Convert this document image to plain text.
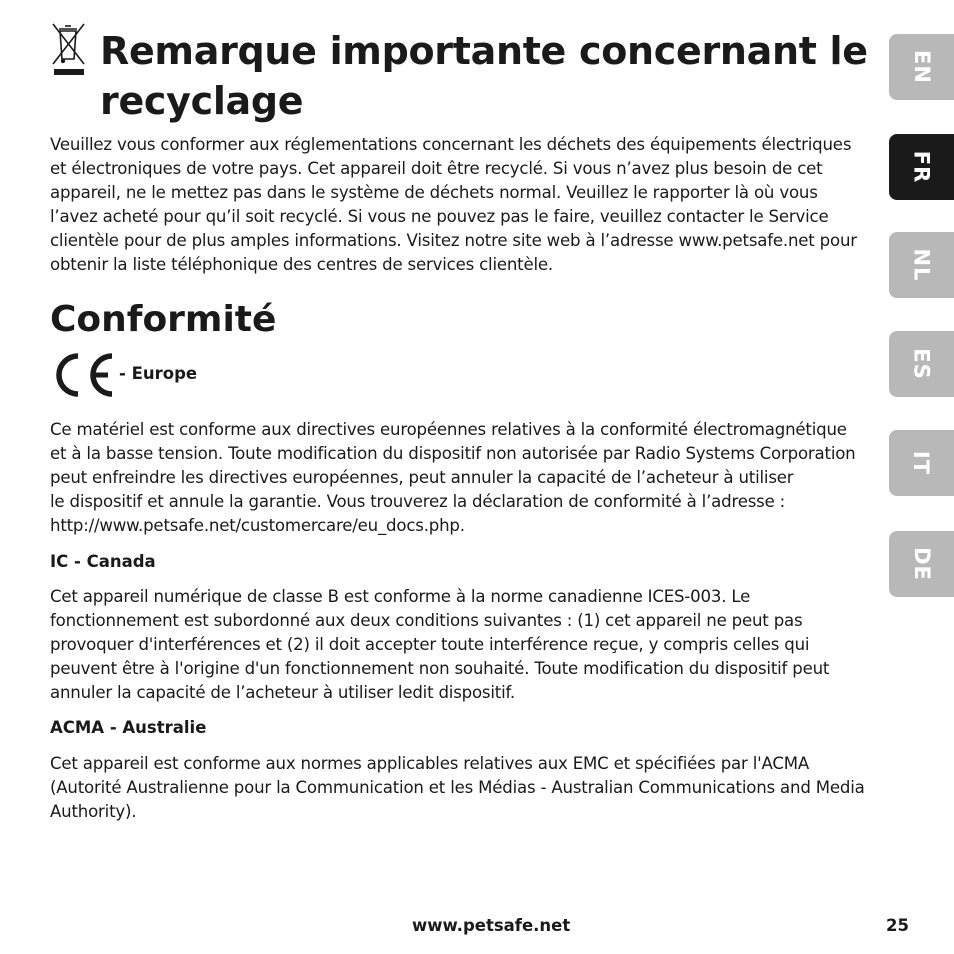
Remarque importante concernant le recyclage

Veuillez vous conformer aux réglementations concernant les déchets des équipements électriques et électroniques de votre pays. Cet appareil doit être recyclé. Si vous n’avez plus besoin de cet appareil, ne le mettez pas dans le système de déchets normal. Veuillez le rapporter là où vous l’avez acheté pour qu’il soit recyclé. Si vous ne pouvez pas le faire, veuillez contacter le Service clientèle pour de plus amples informations. Visitez notre site web à l’adresse www.petsafe.net pour obtenir la liste téléphonique des centres de services clientèle.

Conformité
- Europe
Ce matériel est conforme aux directives européennes relatives à la conformité électromagnétique
et à la basse tension. Toute modification du dispositif non autorisée par Radio Systems Corporation
peut enfreindre les directives européennes, peut annuler la capacité de l’acheteur à utiliser
le dispositif et annule la garantie. Vous trouverez la déclaration de conformité à l’adresse :
http://www.petsafe.net/customercare/eu_docs.php.
IC - Canada

Cet appareil numérique de classe B est conforme à la norme canadienne ICES-003. Le fonctionnement est subordonné aux deux conditions suivantes : (1) cet appareil ne peut pas provoquer d'interférences et (2) il doit accepter toute interférence reçue, y compris celles qui peuvent être à l'origine d'un fonctionnement non souhaité. Toute modification du dispositif peut annuler la capacité de l’acheteur à utiliser ledit dispositif.

ACMA - Australie

Cet appareil est conforme aux normes applicables relatives aux EMC et spécifiées par l'ACMA (Autorité Australienne pour la Communication et les Médias - Australian Communications and Media Authority).

www.petsafe.net	25
EN
FR
NL
ES
IT
DE
